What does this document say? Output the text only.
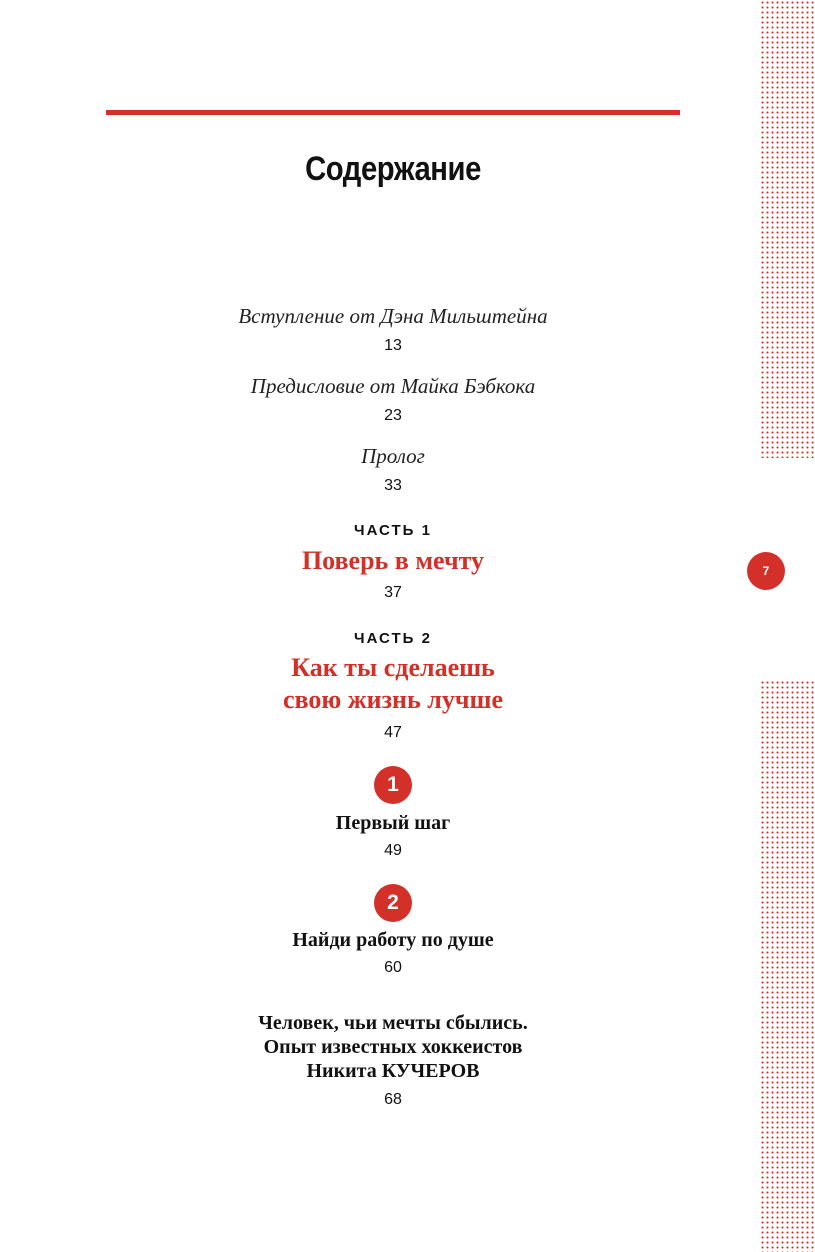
Содержание
Вступление от Дэна Мильштейна
13
Предисловие от Майка Бэбкока
23
Пролог
33
ЧАСТЬ 1
Поверь в мечту
37
ЧАСТЬ 2
Как ты сделаешь
свою жизнь лучше
47
1
Первый шаг
49
2
Найди работу по душе
60
Человек, чьи мечты сбылись.
Опыт известных хоккеистов
Никита КУЧЕРОВ
68
7
